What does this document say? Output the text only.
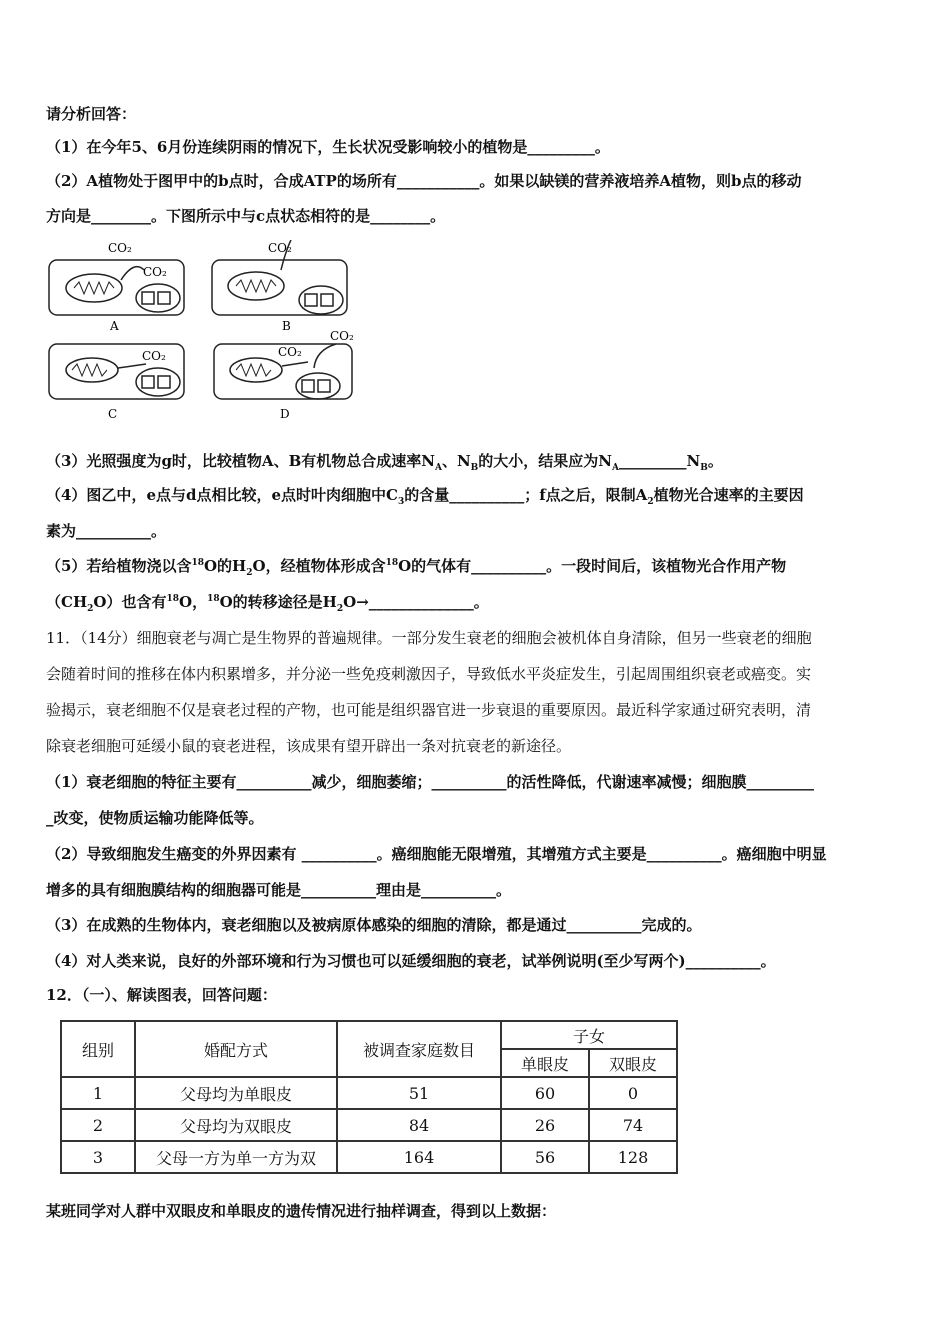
请分析回答：
（1）在今年5、6月份连续阴雨的情况下，生长状况受影响较小的植物是_________。
（2）A植物处于图甲中的b点时，合成ATP的场所有___________。如果以缺镁的营养液培养A植物，则b点的移动
方向是________。下图所示中与c点状态相符的是________。
CO₂
CO₂
A
CO₂
B
CO₂
C
CO₂
CO₂
D
（3）光照强度为g时，比较植物A、B有机物总合成速率$N_A$、$N_B$的大小，结果应为$N_A\_\_\_\_\_\_\_\_\_N_B$。
（4）图乙中，e点与d点相比较，e点时叶肉细胞中$C_3$的含量__________；f点之后，限制$A_2$植物光合速率的主要因
素为__________。
（5）若给植物浇以含$^{18}$O的$H_2O$，经植物体形成含$^{18}$O的气体有__________。一段时间后，该植物光合作用产物
$(CH_2O)$也含有$^{18}$O，$^{18}$O的转移途径是$H_2O\to\_\_\_\_\_\_\_\_\_\_\_\_\_\_$。
11．（14分）细胞衰老与凋亡是生物界的普遍规律。一部分发生衰老的细胞会被机体自身清除，但另一些衰老的细胞
会随着时间的推移在体内积累增多，并分泌一些免疫刺激因子，导致低水平炎症发生，引起周围组织衰老或癌变。实
验揭示，衰老细胞不仅是衰老过程的产物，也可能是组织器官进一步衰退的重要原因。最近科学家通过研究表明，清
除衰老细胞可延缓小鼠的衰老进程，该成果有望开辟出一条对抗衰老的新途径。
（1）衰老细胞的特征主要有__________减少，细胞萎缩；__________的活性降低，代谢速率减慢；细胞膜_________
_改变，使物质运输功能降低等。
（2）导致细胞发生癌变的外界因素有 __________。癌细胞能无限增殖，其增殖方式主要是__________。癌细胞中明显
增多的具有细胞膜结构的细胞器可能是__________理由是__________。
（3）在成熟的生物体内，衰老细胞以及被病原体感染的细胞的清除，都是通过__________完成的。
（4）对人类来说，良好的外部环境和行为习惯也可以延缓细胞的衰老，试举例说明(至少写两个)__________。
12．（一）、解读图表，回答问题：
组别	婚配方式	被调查家庭数目	子女	
			单眼皮	双眼皮
1	父母均为单眼皮	51	60	0
2	父母均为双眼皮	84	26	74
3	父母一方为单一方为双	164	56	128
某班同学对人群中双眼皮和单眼皮的遗传情况进行抽样调查，得到以上数据：
